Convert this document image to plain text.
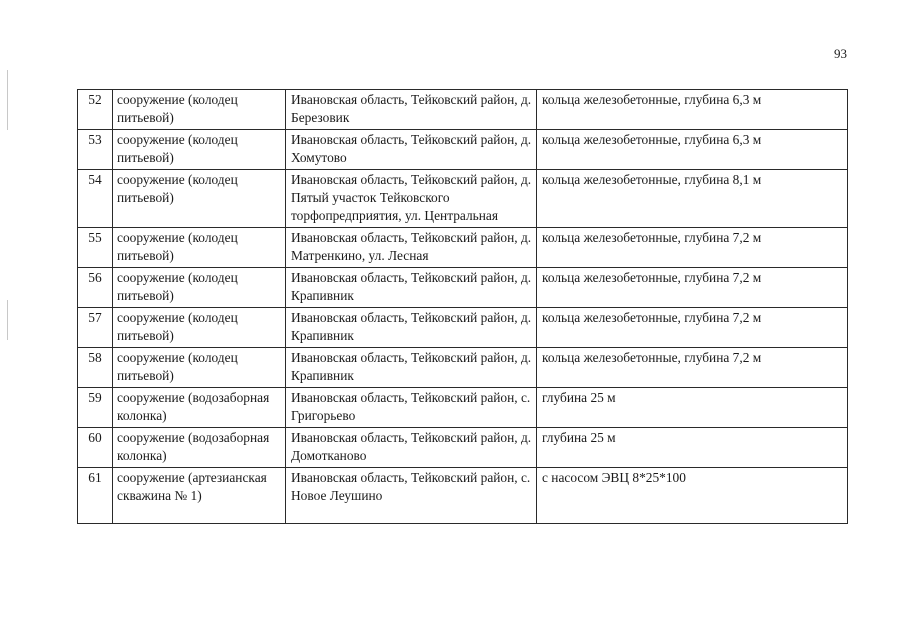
93
52	сооружение (колодец питьевой)	Ивановская область, Тейковский район, д. Березовик	кольца железобетонные, глубина 6,3 м
53	сооружение (колодец питьевой)	Ивановская область, Тейковский район, д. Хомутово	кольца железобетонные, глубина 6,3 м
54	сооружение (колодец питьевой)	Ивановская область, Тейковский район, д. Пятый участок Тейковского торфопредприятия, ул. Центральная	кольца железобетонные, глубина 8,1 м
55	сооружение (колодец питьевой)	Ивановская область, Тейковский район, д. Матренкино, ул. Лесная	кольца железобетонные, глубина 7,2 м
56	сооружение (колодец питьевой)	Ивановская область, Тейковский район, д. Крапивник	кольца железобетонные, глубина 7,2 м
57	сооружение (колодец питьевой)	Ивановская область, Тейковский район, д. Крапивник	кольца железобетонные, глубина 7,2 м
58	сооружение (колодец питьевой)	Ивановская область, Тейковский район, д. Крапивник	кольца железобетонные, глубина 7,2 м
59	сооружение (водозаборная колонка)	Ивановская область, Тейковский район, с. Григорьево	глубина 25 м
60	сооружение (водозаборная колонка)	Ивановская область, Тейковский район, д. Домотканово	глубина 25 м
61	сооружение (артезианская скважина № 1)	Ивановская область, Тейковский район, с. Новое Леушино	с насосом ЭВЦ 8*25*100
